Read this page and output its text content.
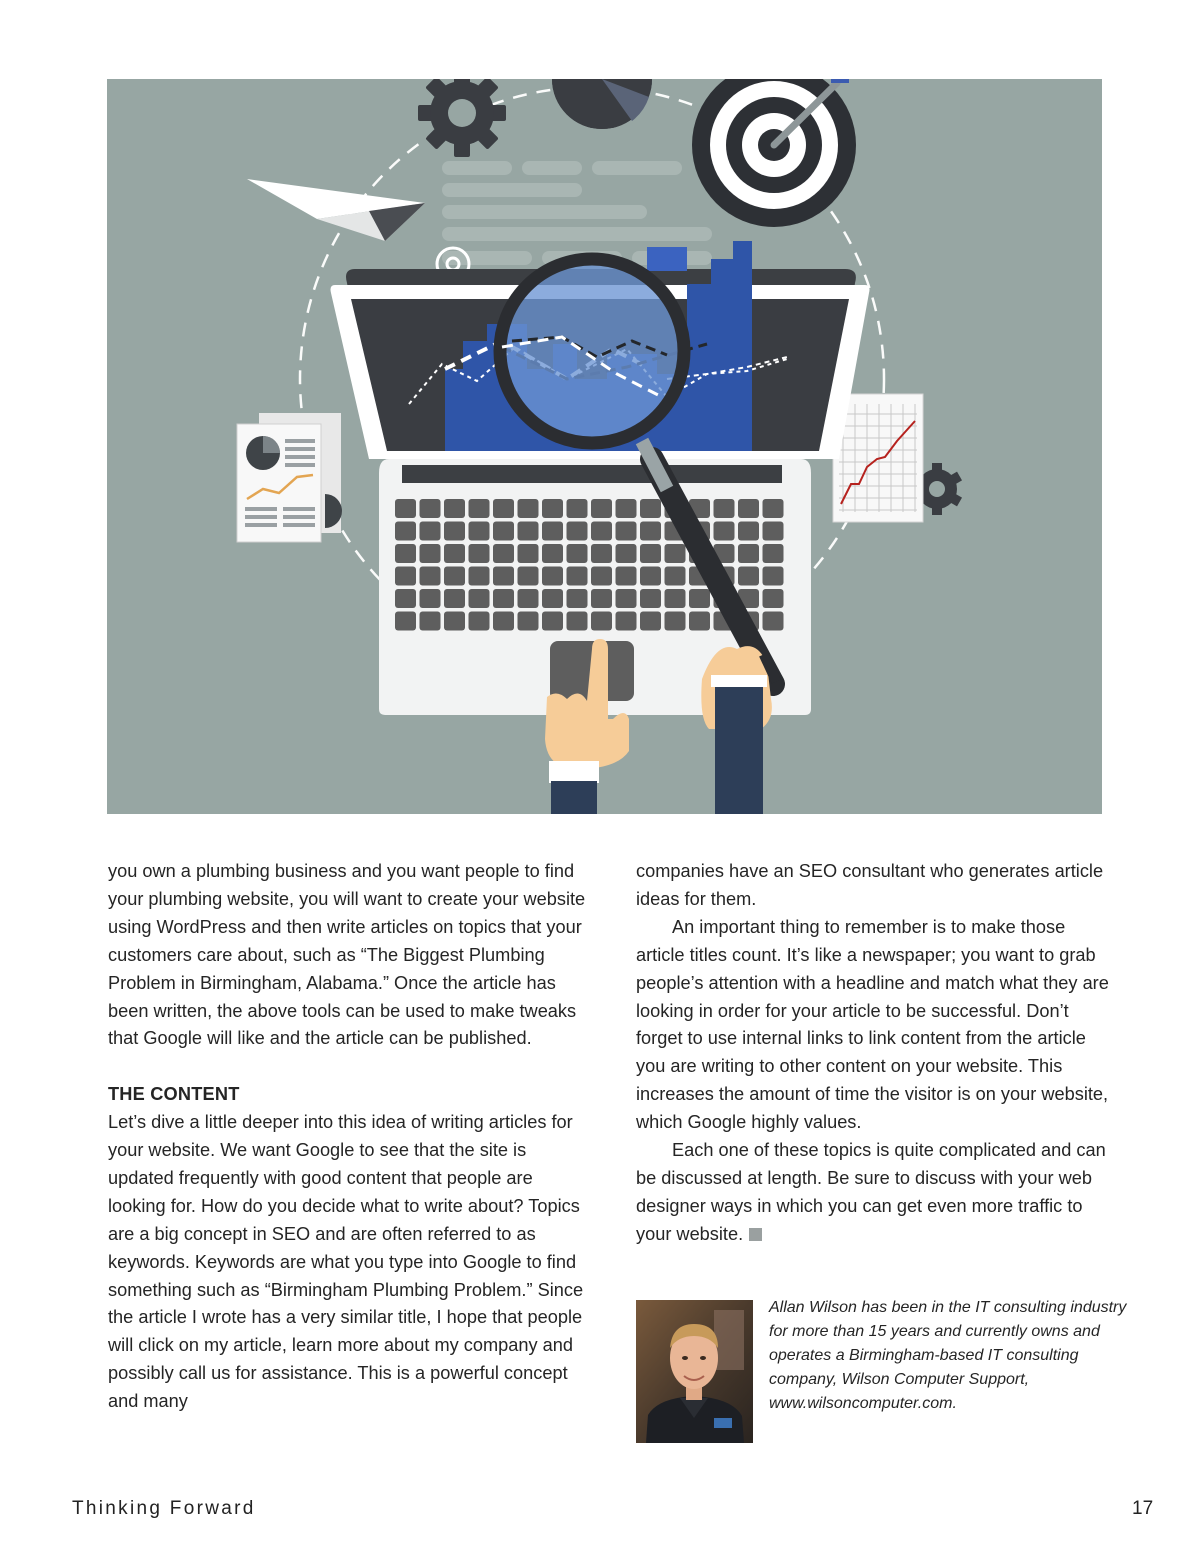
you own a plumbing business and you want people to find your plumbing website, you will want to create your website using WordPress and then write articles on topics that your customers care about, such as “The Biggest Plumbing Problem in Birmingham, Alabama.” Once the article has been written, the above tools can be used to make tweaks that Google will like and the article can be published.

THE CONTENT

Let’s dive a little deeper into this idea of writing articles for your website. We want Google to see that the site is updated frequently with good content that people are looking for. How do you decide what to write about? Topics are a big concept in SEO and are often referred to as keywords. Keywords are what you type into Google to find something such as “Birmingham Plumbing Problem.” Since the article I wrote has a very similar title, I hope that people will click on my article, learn more about my company and possibly call us for assistance. This is a powerful concept and many

companies have an SEO consultant who generates article ideas for them.

An important thing to remember is to make those article titles count. It’s like a newspaper; you want to grab people’s attention with a headline and match what they are looking in order for your article to be successful. Don’t forget to use internal links to link content from the article you are writing to other content on your website. This increases the amount of time the visitor is on your website, which Google highly values.

Each one of these topics is quite complicated and can be discussed at length. Be sure to discuss with your web designer ways in which you can get even more traffic to your website.

Allan Wilson has been in the IT consulting industry for more than 15 years and currently owns and operates a Birmingham-based IT consulting company, Wilson Computer Support, www.wilsoncomputer.com.
Thinking Forward	17
